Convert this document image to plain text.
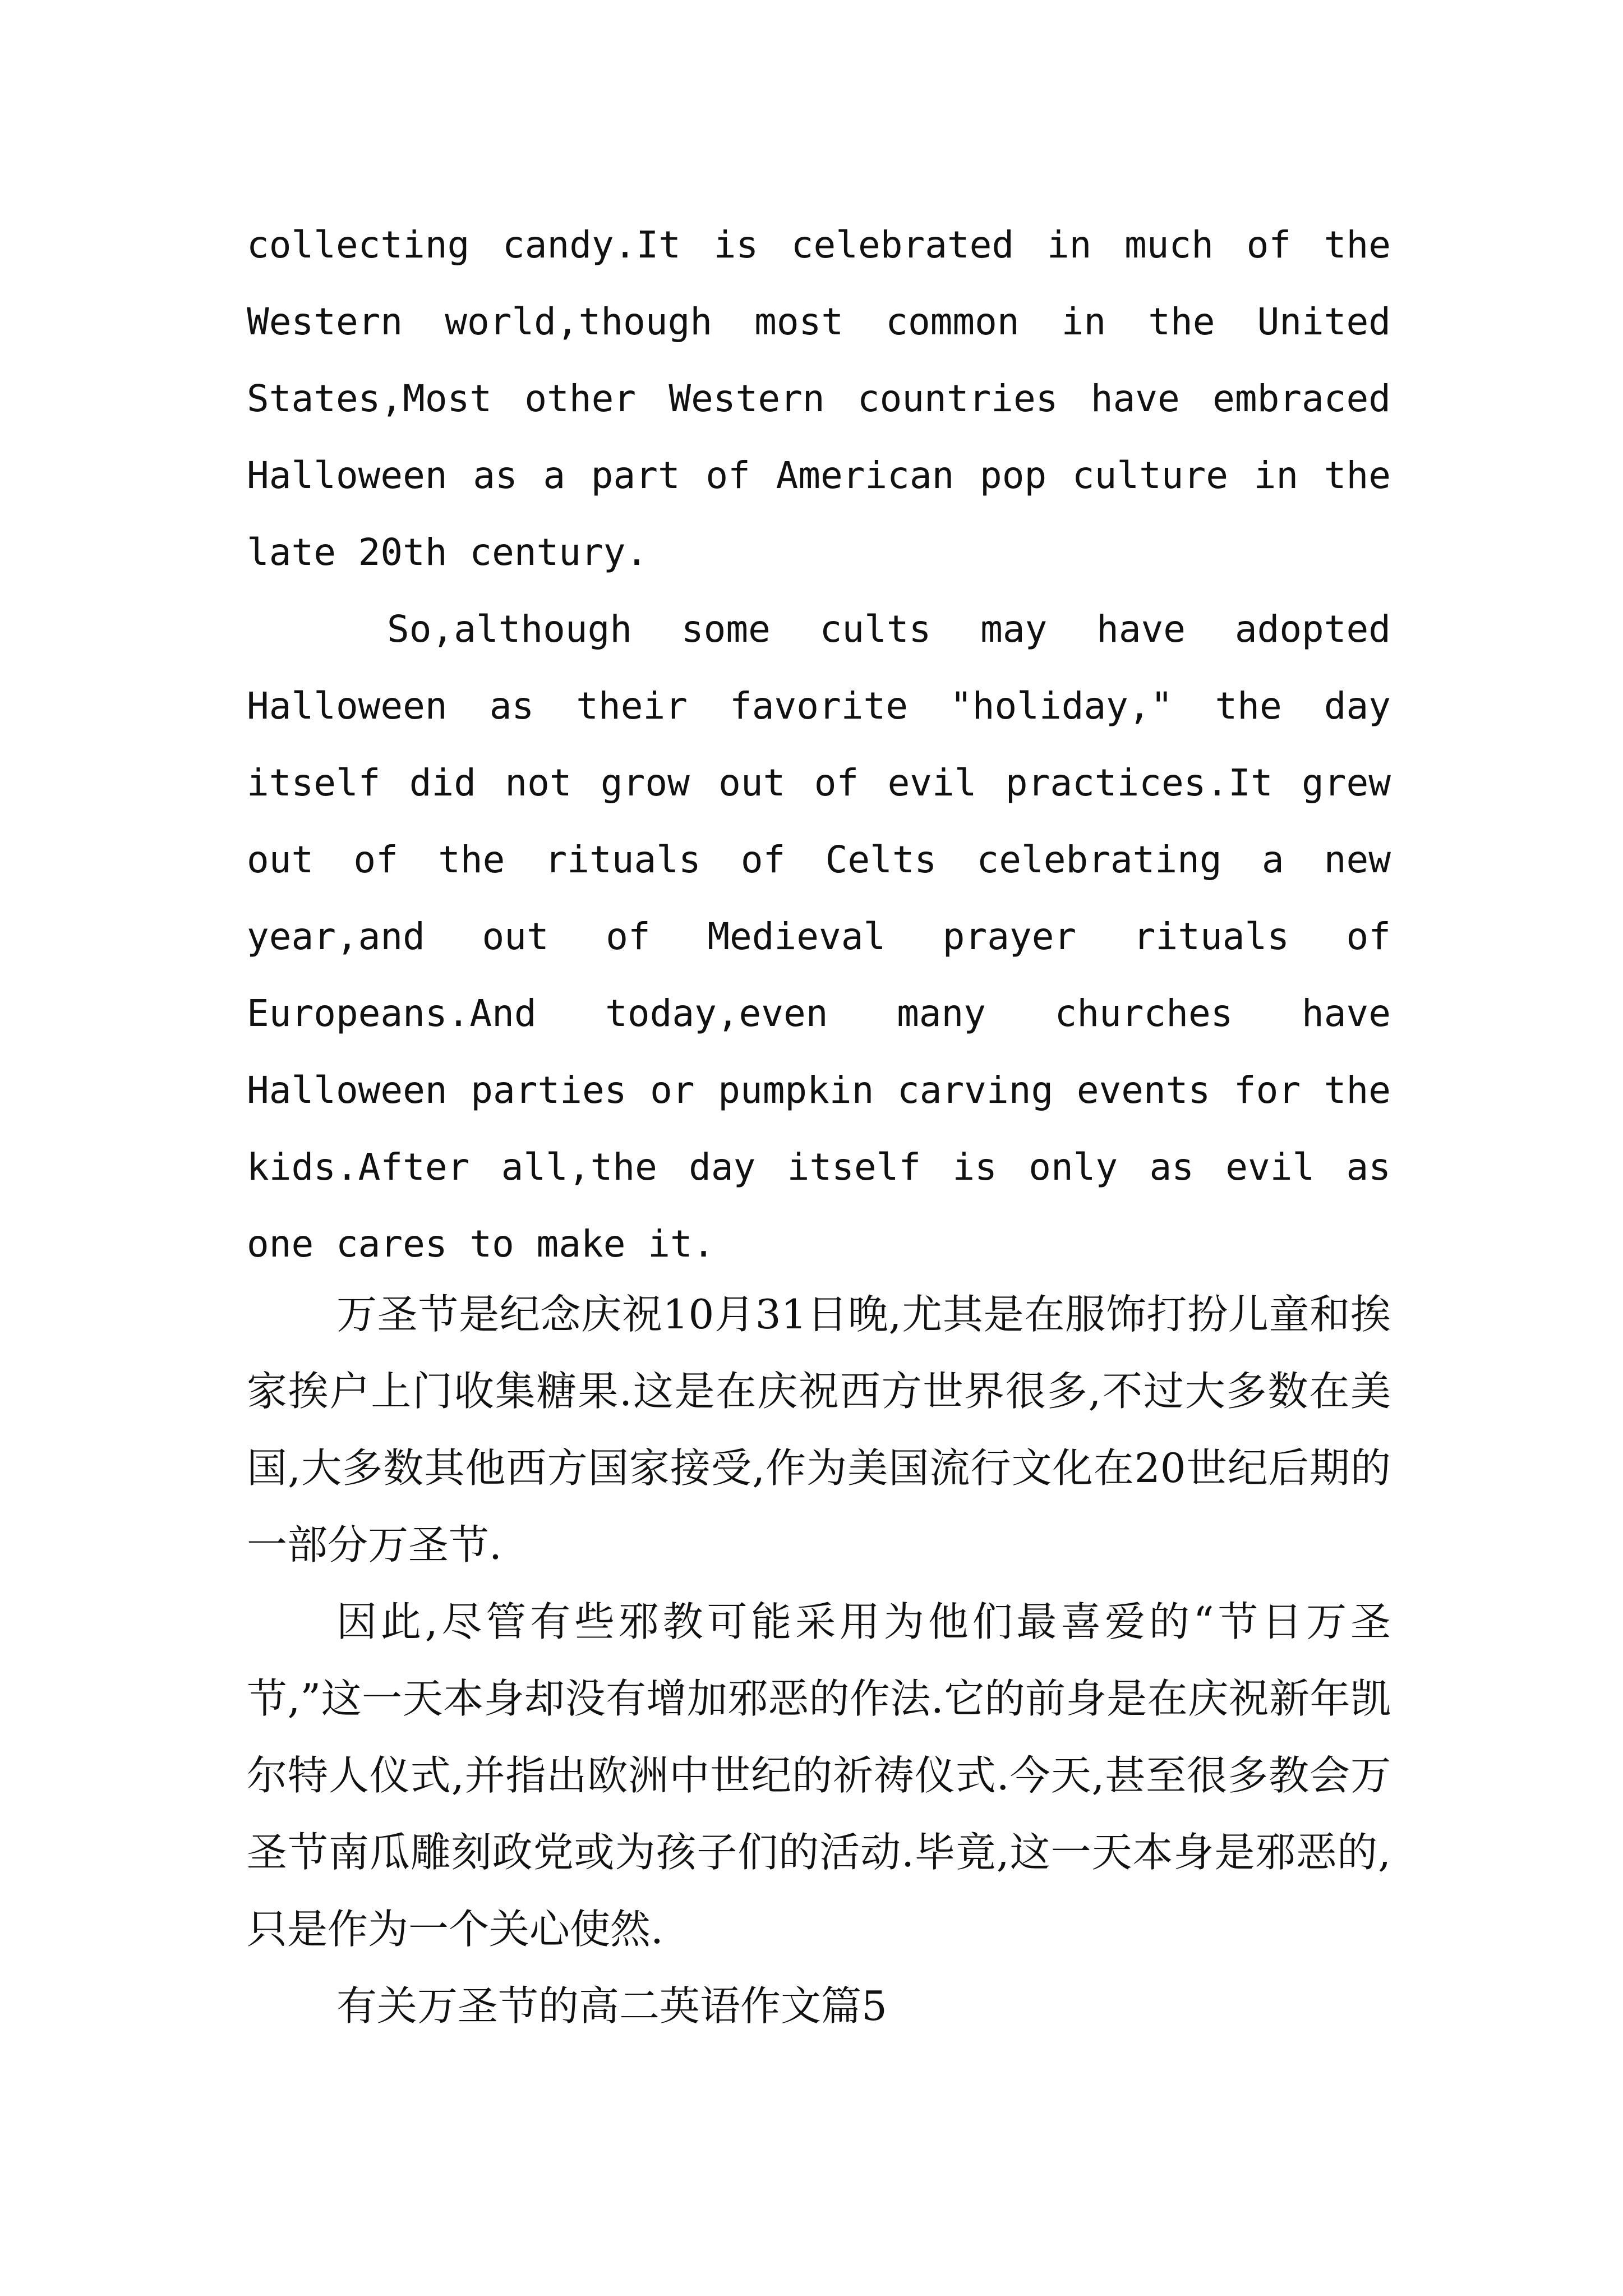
collecting candy.It is celebrated in much of the Western world,though most common in the United States,Most other Western countries have embraced Halloween as a part of American pop culture in the late 20th century.

So,although some cults may have adopted Halloween as their favorite "holiday," the day itself did not grow out of evil practices.It grew out of the rituals of Celts celebrating a new year,and out of Medieval prayer rituals of Europeans.And today,even many churches have Halloween parties or pumpkin carving events for the kids.After all,the day itself is only as evil as one cares to make it.

万圣节是纪念庆祝10月31日晚,尤其是在服饰打扮儿童和挨家挨户上门收集糖果.这是在庆祝西方世界很多,不过大多数在美国,大多数其他西方国家接受,作为美国流行文化在20世纪后期的一部分万圣节.

因此,尽管有些邪教可能采用为他们最喜爱的“节日万圣节,”这一天本身却没有增加邪恶的作法.它的前身是在庆祝新年凯尔特人仪式,并指出欧洲中世纪的祈祷仪式.今天,甚至很多教会万圣节南瓜雕刻政党或为孩子们的活动.毕竟,这一天本身是邪恶的,只是作为一个关心使然.

有关万圣节的高二英语作文篇5
